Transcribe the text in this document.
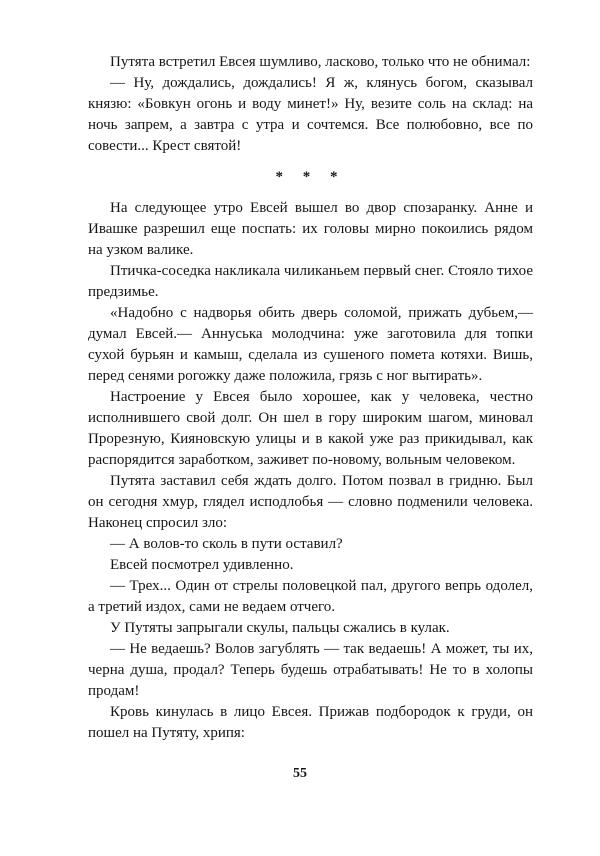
Путята встретил Евсея шумливо, ласково, только что не обнимал:

— Ну, дождались, дождались! Я ж, клянусь богом, сказывал князю: «Бовкун огонь и воду минет!» Ну, везите соль на склад: на ночь запрем, а завтра с утра и сочтемся. Все полюбовно, все по совести... Крест святой!

* * *

На следующее утро Евсей вышел во двор спозаранку. Анне и Ивашке разрешил еще поспать: их головы мирно покоились рядом на узком валике.

Птичка-соседка накликала чиликаньем первый снег. Стояло тихое предзимье.

«Надобно с надворья обить дверь соломой, прижать дубьем,— думал Евсей.— Аннуська молодчина: уже заготовила для топки сухой бурьян и камыш, сделала из сушеного помета котяхи. Вишь, перед сенями рогожку даже положила, грязь с ног вытирать».

Настроение у Евсея было хорошее, как у человека, честно исполнившего свой долг. Он шел в гору широким шагом, миновал Прорезную, Кияновскую улицы и в какой уже раз прикидывал, как распорядится заработком, заживет по-новому, вольным человеком.

Путята заставил себя ждать долго. Потом позвал в гридню. Был он сегодня хмур, глядел исподлобья — словно подменили человека. Наконец спросил зло:

— А волов-то сколь в пути оставил?

Евсей посмотрел удивленно.

— Трех... Один от стрелы половецкой пал, другого вепрь одолел, а третий издох, сами не ведаем отчего.

У Путяты запрыгали скулы, пальцы сжались в кулак.

— Не ведаешь? Волов загублять — так ведаешь! А может, ты их, черна душа, продал? Теперь будешь отрабатывать! Не то в холопы продам!

Кровь кинулась в лицо Евсея. Прижав подбородок к груди, он пошел на Путяту, хрипя:

55
